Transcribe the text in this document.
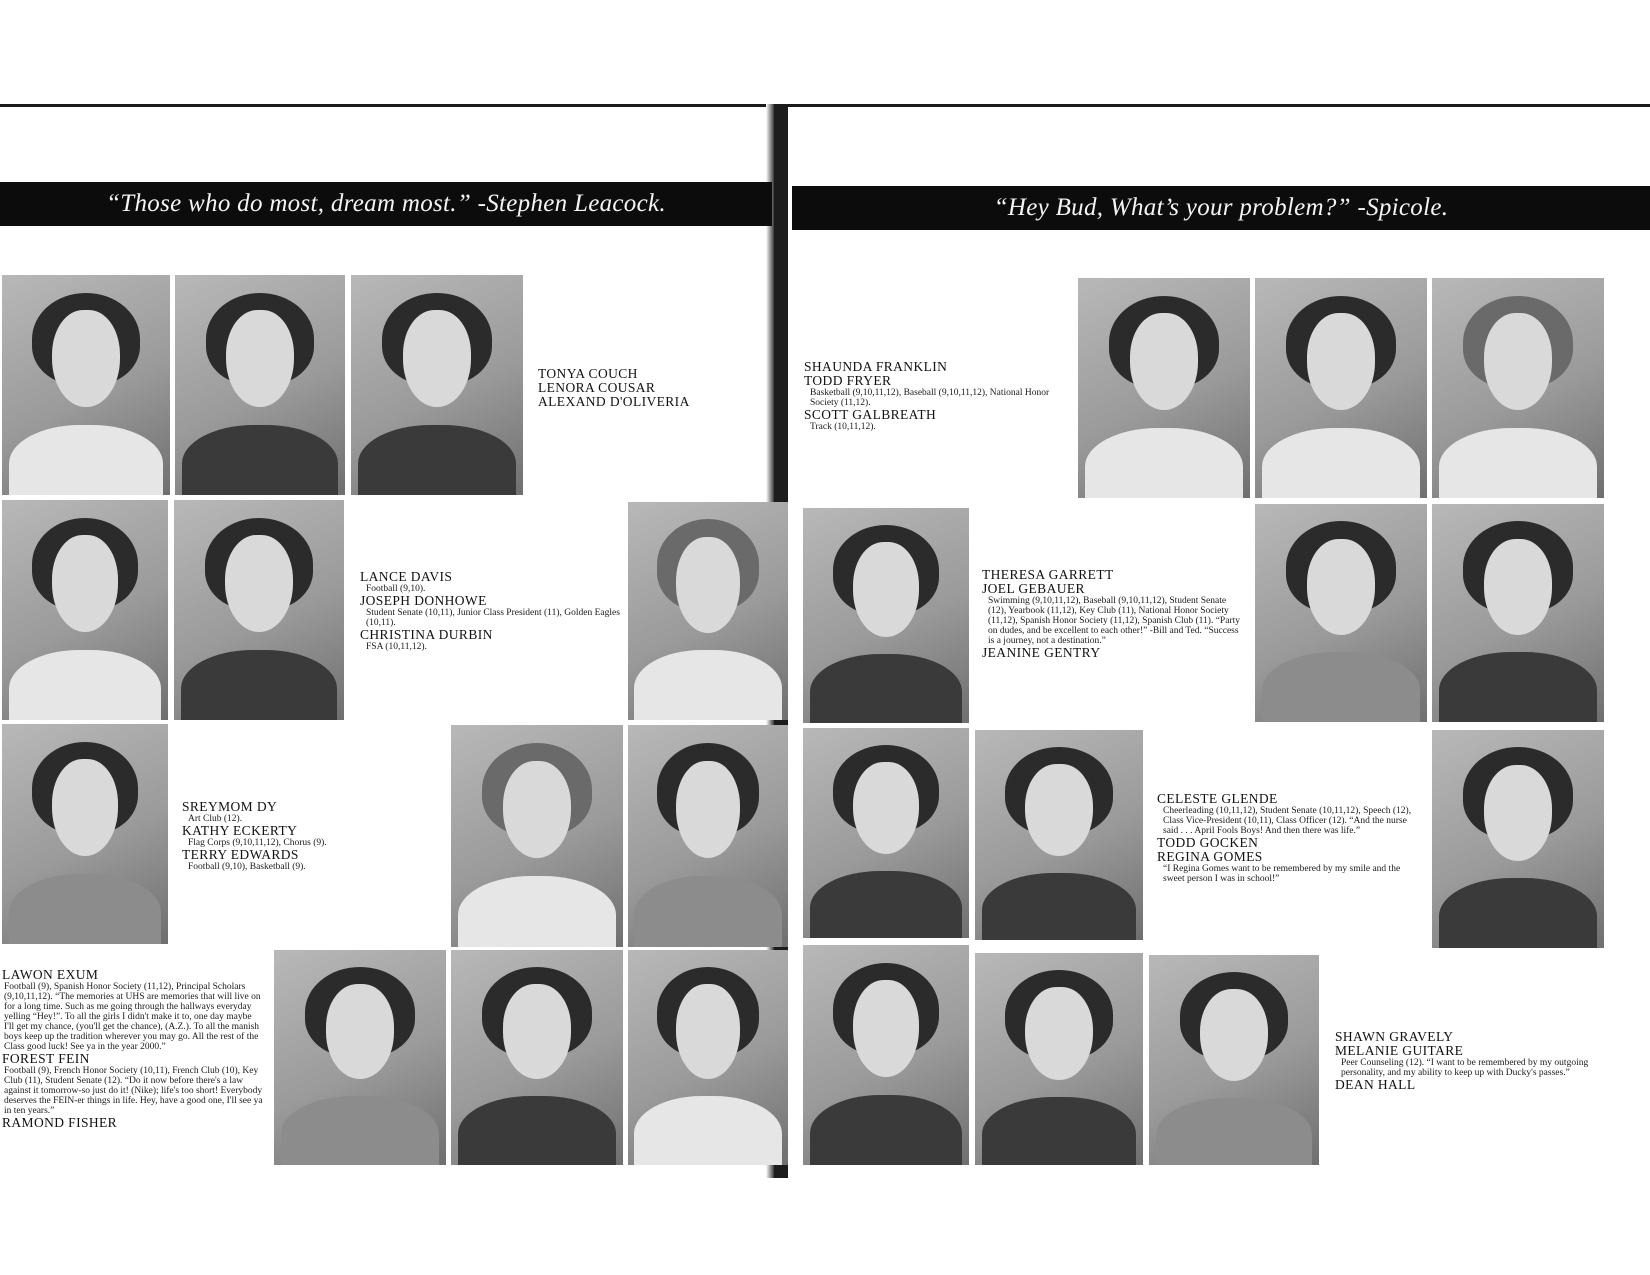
“Those who do most, dream most.” -Stephen Leacock.	“Hey Bud, What’s your problem?” -Spicole.
TONYA COUCH
LENORA COUSAR
ALEXAND D'OLIVERIA
LANCE DAVIS
Football (9,10).
JOSEPH DONHOWE
Student Senate (10,11), Junior Class President (11), Golden Eagles (10,11).
CHRISTINA DURBIN
FSA (10,11,12).
SREYMOM DY
Art Club (12).
KATHY ECKERTY
Flag Corps (9,10,11,12), Chorus (9).
TERRY EDWARDS
Football (9,10), Basketball (9).
LAWON EXUM
Football (9), Spanish Honor Society (11,12), Principal Scholars (9,10,11,12). “The memories at UHS are memories that will live on for a long time. Such as me going through the hallways everyday yelling “Hey!”. To all the girls I didn't make it to, one day maybe I'll get my chance, (you'll get the chance), (A.Z.). To all the manish boys keep up the tradition wherever you may go. All the rest of the Class good luck! See ya in the year 2000.”
FOREST FEIN
Football (9), French Honor Society (10,11), French Club (10), Key Club (11), Student Senate (12). “Do it now before there's a law against it tomorrow-so just do it! (Nike); life's too short! Everybody deserves the FEIN-er things in life. Hey, have a good one, I'll see ya in ten years.”
RAMOND FISHER
SHAUNDA FRANKLIN
TODD FRYER
Basketball (9,10,11,12), Baseball (9,10,11,12), National Honor Society (11,12).
SCOTT GALBREATH
Track (10,11,12).
THERESA GARRETT
JOEL GEBAUER
Swimming (9,10,11,12), Baseball (9,10,11,12), Student Senate (12), Yearbook (11,12), Key Club (11), National Honor Society (11,12), Spanish Honor Society (11,12), Spanish Club (11). “Party on dudes, and be excellent to each other!” -Bill and Ted. “Success is a journey, not a destination.”
JEANINE GENTRY
CELESTE GLENDE
Cheerleading (10,11,12), Student Senate (10,11,12), Speech (12), Class Vice-President (10,11), Class Officer (12). “And the nurse said . . . April Fools Boys! And then there was life.”
TODD GOCKEN
REGINA GOMES
“I Regina Gomes want to be remembered by my smile and the sweet person I was in school!”
SHAWN GRAVELY
MELANIE GUITARE
Peer Counseling (12). “I want to be remembered by my outgoing personality, and my ability to keep up with Ducky's passes.”
DEAN HALL
